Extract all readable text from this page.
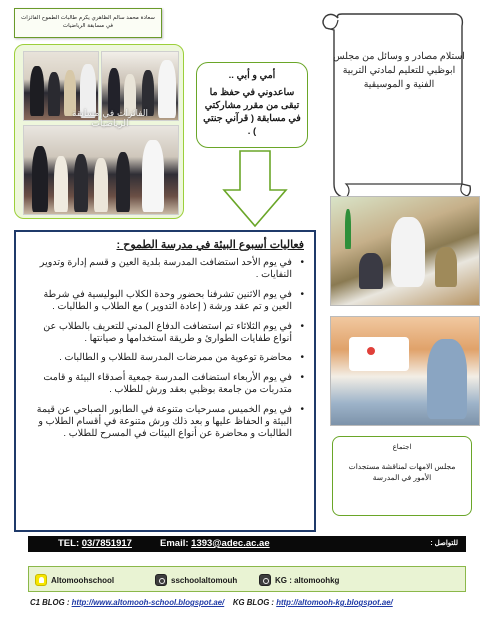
سعادة محمد سالم الظاهري يكرم طالبات الطموح الفائزات في مسابقة الرياضيات
الفائزات في مسابقة الرياضيات
أمي و أبي ..
ساعدوني في حفظ ما تبقى من مقرر مشاركتي في مسابقة ( قرآني جنتي ) .
استلام مصادر و وسائل من مجلس ابوظبي للتعليم لمادتي التربية الفنية و الموسيقية
فعاليات أسبوع البيئة في مدرسة الطموح :
• في يوم الأحد استضافت المدرسة بلدية العين و قسم إدارة وتدوير النفايات .
• في يوم الاثنين تشرفنا بحضور وحدة الكلاب البوليسية في شرطة العين و تم عقد ورشة ( إعادة التدوير ) مع الطلاب و الطالبات .
• في يوم الثلاثاء تم استضافت الدفاع المدني للتعريف بالطلاب عن أنواع طفايات الطوارئ و طريقة استخدامها و صيانتها .
• محاضرة توعوية من ممرضات المدرسة للطلاب و الطالبات .
• في يوم الأربعاء استضافت المدرسة جمعية أصدقاء البيئة و قامت متدربات من جامعة بوظبي بعقد ورش للطلاب .
• في يوم الخميس مسرحيات متنوعة في الطابور الصباحي عن قيمة البيئة و الحفاظ عليها و بعد ذلك ورش متنوعة في أقسام الطلاب و الطالبات و محاضرة عن أنواع البيئات في المسرح للطلاب .
اجتماع
مجلس الامهات لمناقشة مستجدات الأمور في المدرسة
TEL: 03/7851917	Email: 1393@adec.ac.ae	للتواصل :
Altomoohschool	sschoolaltomouh	KG : altomoohkg
C1 BLOG : http://www.altomooh-school.blogspot.ae/ KG BLOG : http://altomooh-kg.blogspot.ae/
